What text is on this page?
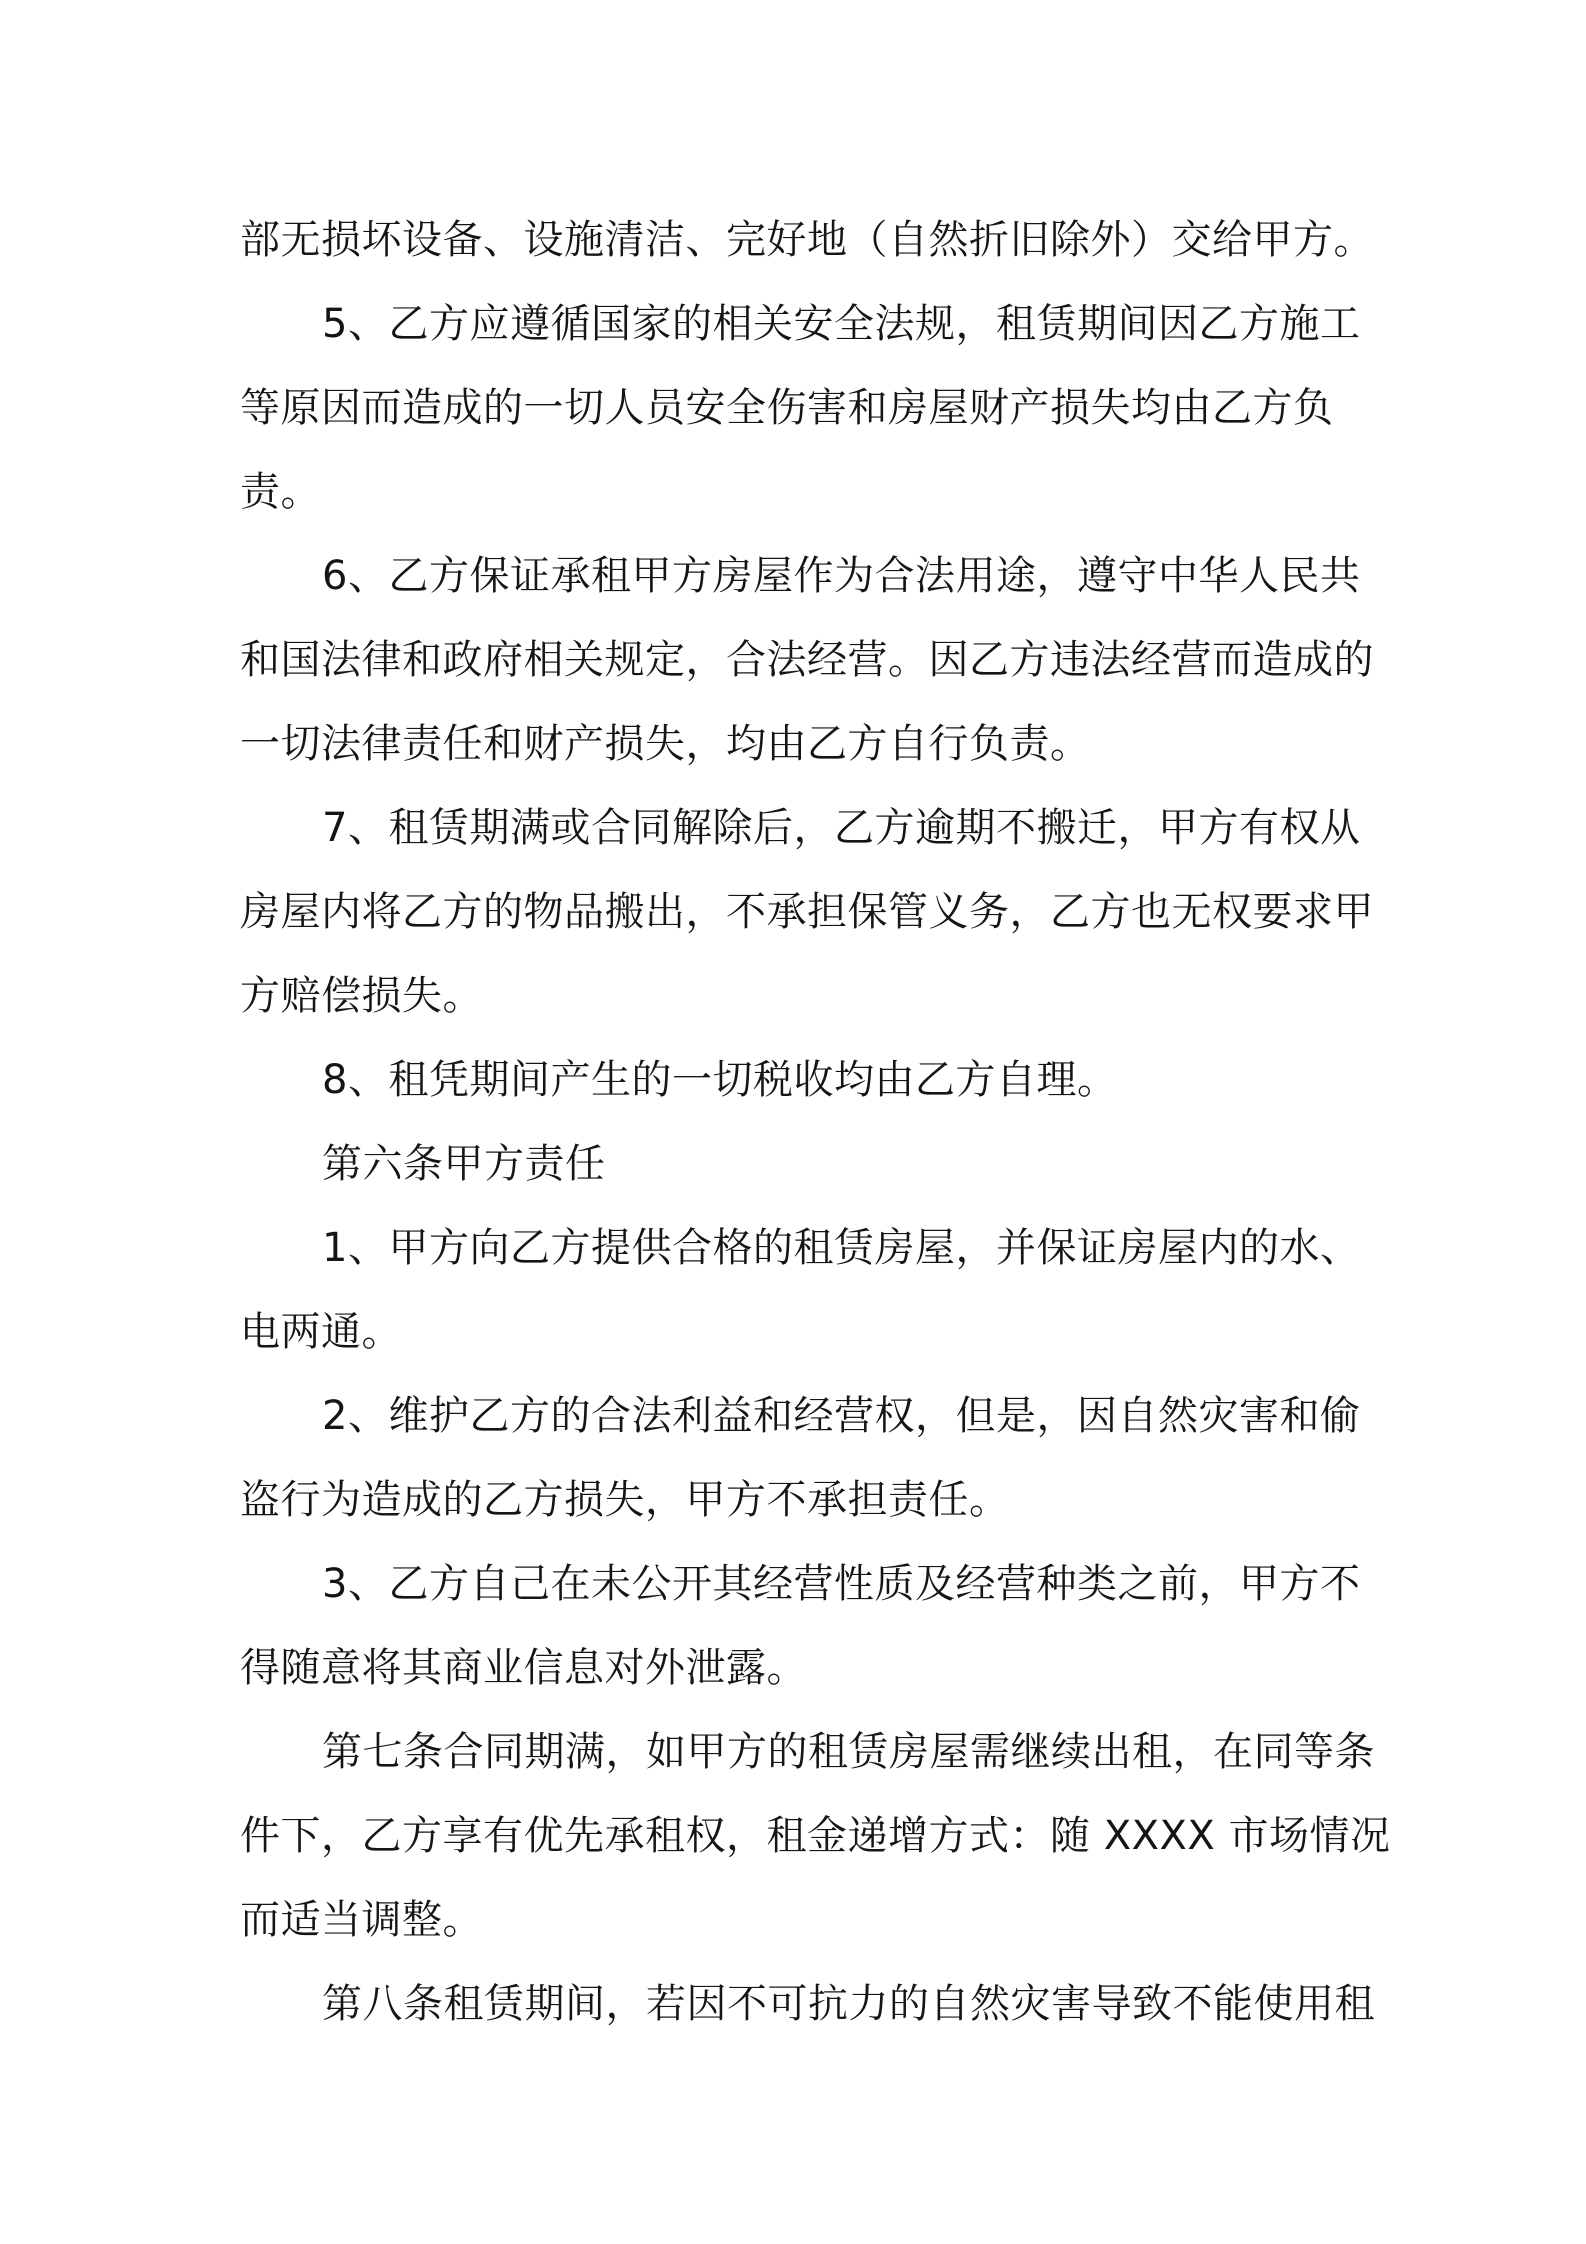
部无损坏设备、设施清洁、完好地（自然折旧除外）交给甲方。
5、乙方应遵循国家的相关安全法规，租赁期间因乙方施工
等原因而造成的一切人员安全伤害和房屋财产损失均由乙方负
责。
6、乙方保证承租甲方房屋作为合法用途，遵守中华人民共
和国法律和政府相关规定，合法经营。因乙方违法经营而造成的
一切法律责任和财产损失，均由乙方自行负责。
7、租赁期满或合同解除后，乙方逾期不搬迁，甲方有权从
房屋内将乙方的物品搬出，不承担保管义务，乙方也无权要求甲
方赔偿损失。
8、租凭期间产生的一切税收均由乙方自理。
第六条甲方责任
1、甲方向乙方提供合格的租赁房屋，并保证房屋内的水、
电两通。
2、维护乙方的合法利益和经营权，但是，因自然灾害和偷
盗行为造成的乙方损失，甲方不承担责任。
3、乙方自己在未公开其经营性质及经营种类之前，甲方不
得随意将其商业信息对外泄露。
第七条合同期满，如甲方的租赁房屋需继续出租，在同等条
件下，乙方享有优先承租权，租金递增方式：随 XXXX 市场情况
而适当调整。
第八条租赁期间，若因不可抗力的自然灾害导致不能使用租
